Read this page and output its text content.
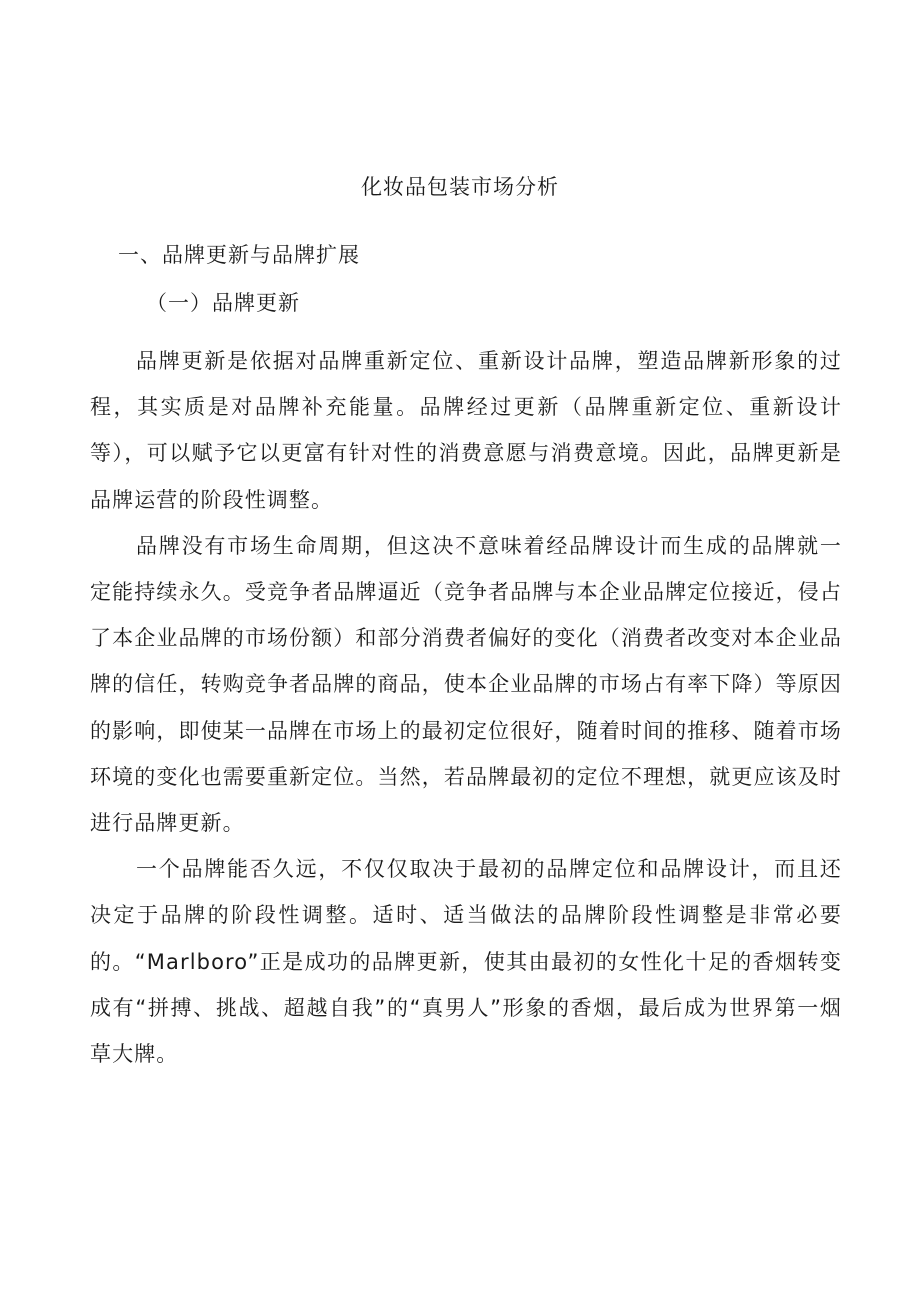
化妆品包装市场分析
一、品牌更新与品牌扩展
（一）品牌更新

品牌更新是依据对品牌重新定位、重新设计品牌，塑造品牌新形象的过程，其实质是对品牌补充能量。品牌经过更新（品牌重新定位、重新设计等），可以赋予它以更富有针对性的消费意愿与消费意境。因此，品牌更新是品牌运营的阶段性调整。

品牌没有市场生命周期，但这决不意味着经品牌设计而生成的品牌就一定能持续永久。受竞争者品牌逼近（竞争者品牌与本企业品牌定位接近，侵占了本企业品牌的市场份额）和部分消费者偏好的变化（消费者改变对本企业品牌的信任，转购竞争者品牌的商品，使本企业品牌的市场占有率下降）等原因的影响，即使某一品牌在市场上的最初定位很好，随着时间的推移、随着市场环境的变化也需要重新定位。当然，若品牌最初的定位不理想，就更应该及时进行品牌更新。

一个品牌能否久远，不仅仅取决于最初的品牌定位和品牌设计，而且还决定于品牌的阶段性调整。适时、适当做法的品牌阶段性调整是非常必要的。“Marlboro”正是成功的品牌更新，使其由最初的女性化十足的香烟转变成有“拼搏、挑战、超越自我”的“真男人”形象的香烟，最后成为世界第一烟草大牌。
